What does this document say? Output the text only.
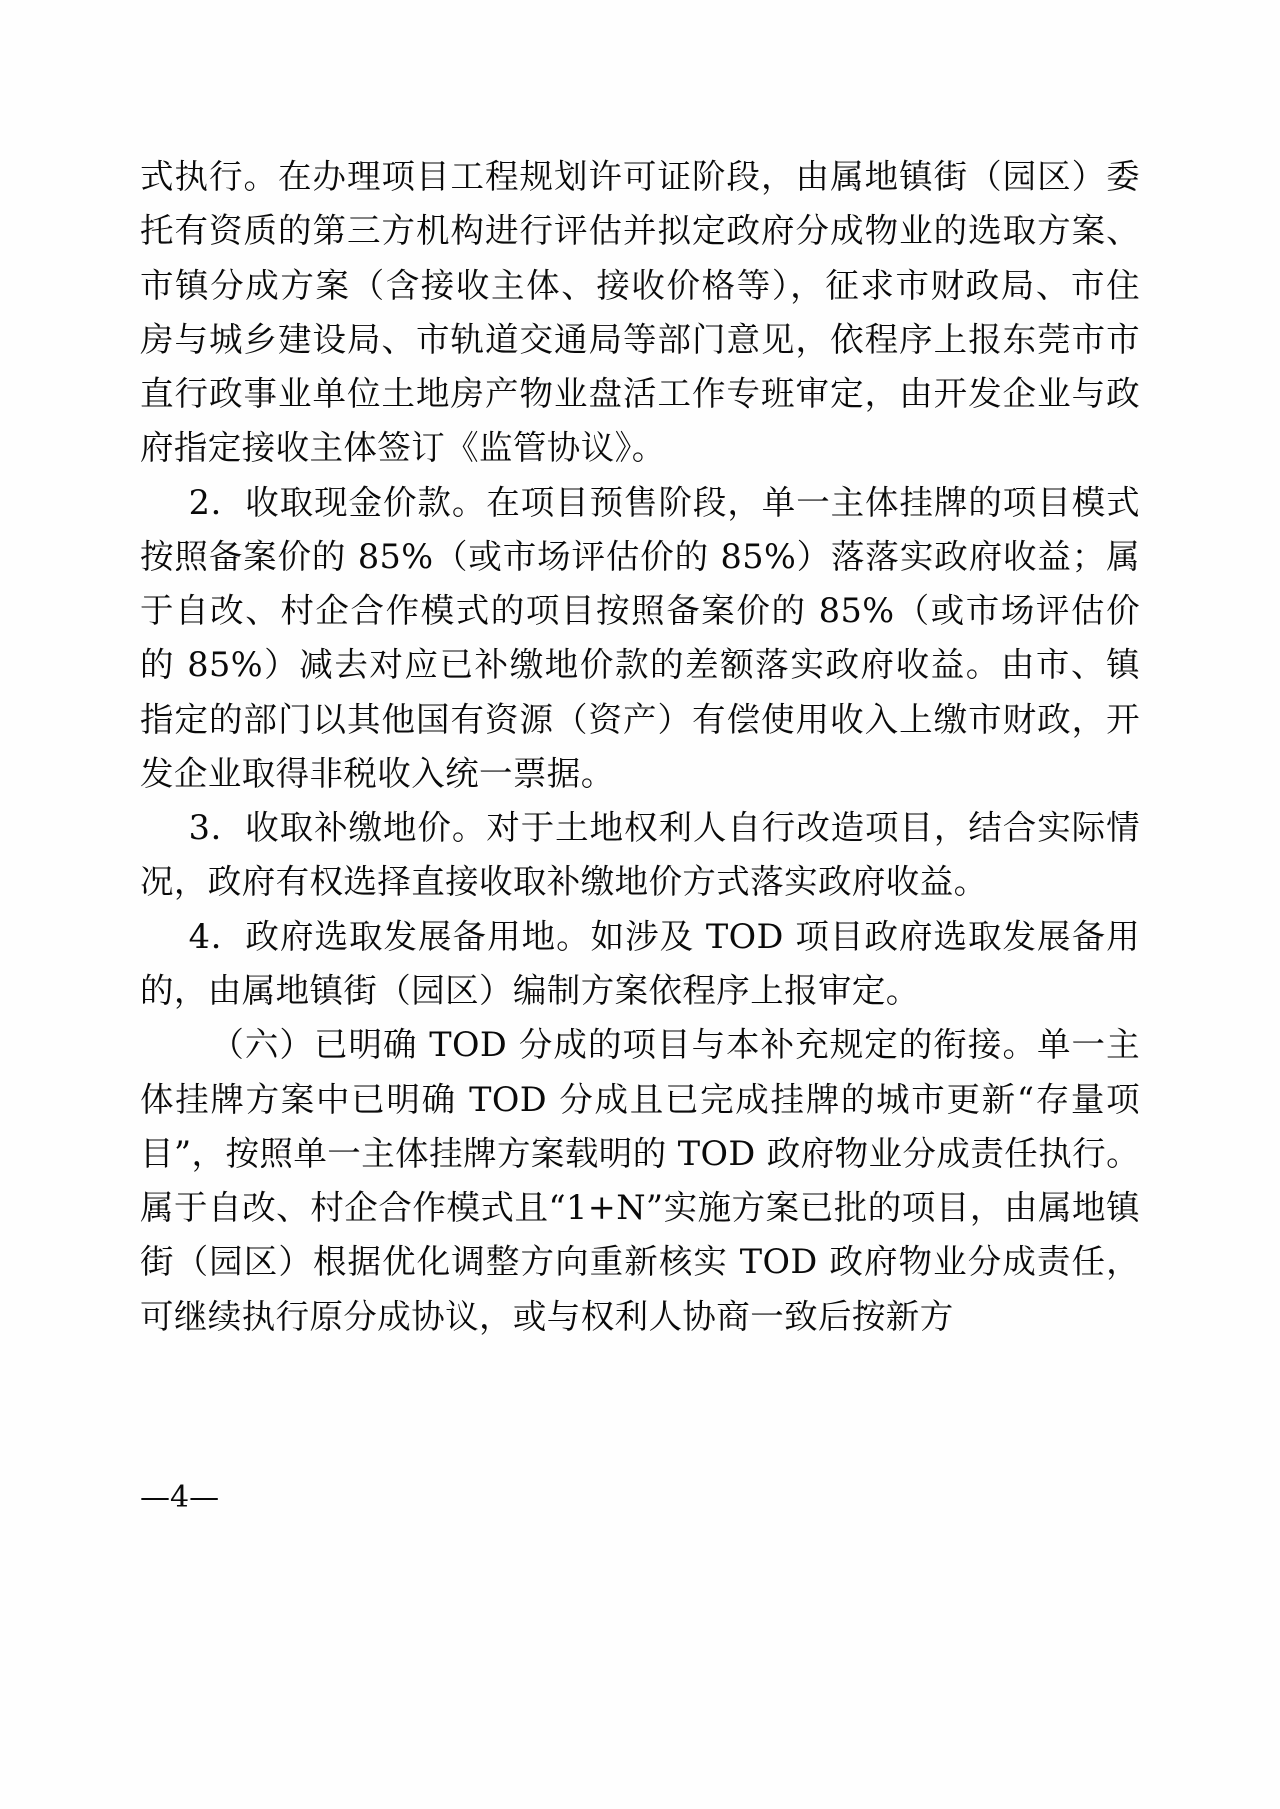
式执行。在办理项目工程规划许可证阶段，由属地镇街（园区）委托有资质的第三方机构进行评估并拟定政府分成物业的选取方案、市镇分成方案（含接收主体、接收价格等），征求市财政局、市住房与城乡建设局、市轨道交通局等部门意见，依程序上报东莞市市直行政事业单位土地房产物业盘活工作专班审定，由开发企业与政府指定接收主体签订《监管协议》。

2．收取现金价款。在项目预售阶段，单一主体挂牌的项目模式按照备案价的 85%（或市场评估价的 85%）落落实政府收益；属于自改、村企合作模式的项目按照备案价的 85%（或市场评估价的 85%）减去对应已补缴地价款的差额落实政府收益。由市、镇指定的部门以其他国有资源（资产）有偿使用收入上缴市财政，开发企业取得非税收入统一票据。

3．收取补缴地价。对于土地权利人自行改造项目，结合实际情况，政府有权选择直接收取补缴地价方式落实政府收益。

4．政府选取发展备用地。如涉及 TOD 项目政府选取发展备用的，由属地镇街（园区）编制方案依程序上报审定。

（六）已明确 TOD 分成的项目与本补充规定的衔接。单一主体挂牌方案中已明确 TOD 分成且已完成挂牌的城市更新“存量项目”，按照单一主体挂牌方案载明的 TOD 政府物业分成责任执行。属于自改、村企合作模式且“1+N”实施方案已批的项目，由属地镇街（园区）根据优化调整方向重新核实 TOD 政府物业分成责任，可继续执行原分成协议，或与权利人协商一致后按新方

—4—
